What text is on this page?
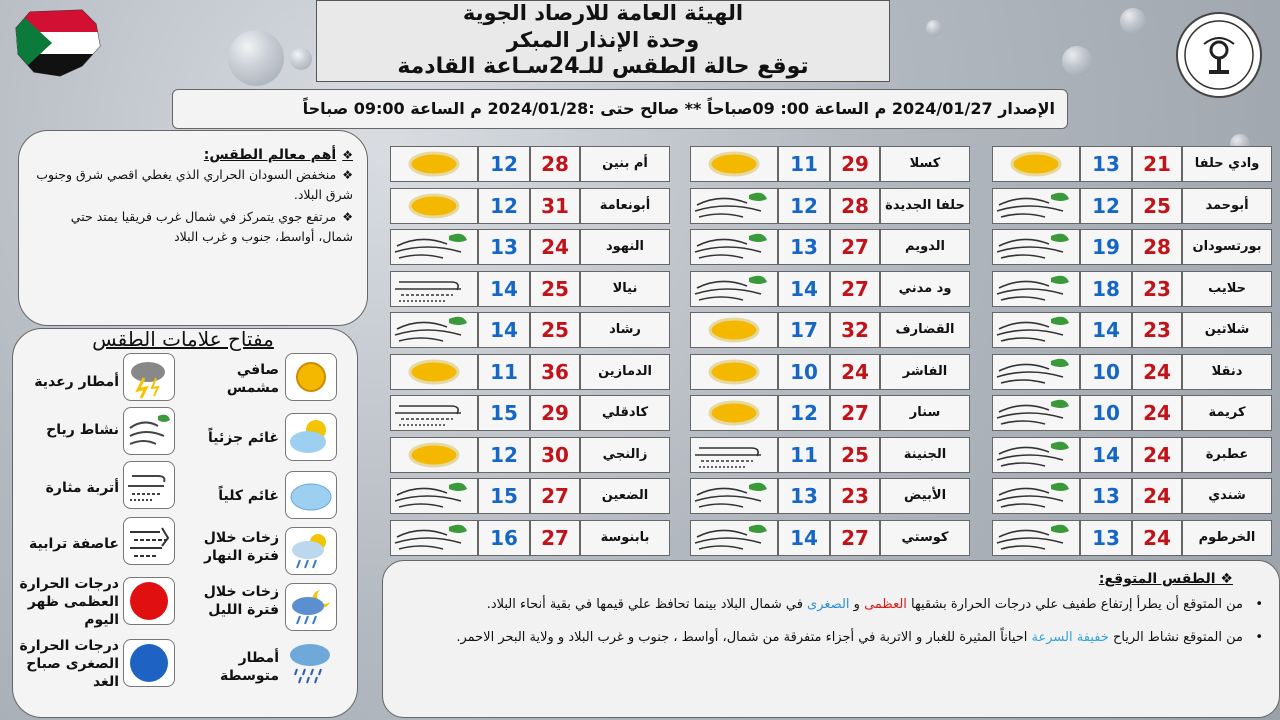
الهيئة العامة للارصاد الجوية
وحدة الإنذار المبكر
توقع حالة الطقس للـ24سـاعة القادمة
الإصدار 2024/01/27 م الساعة 00: 09صباحاً ** صالح حتى :2024/01/28 م الساعة 09:00 صباحاً
❖أهم معالم الطقس:
❖منخفض السودان الحراري الذي يغطي اقصي شرق وجنوب شرق البلاد.
❖مرتفع جوي يتمركز في شمال غرب فريقيا يمتد حتي شمال، أواسط، جنوب و غرب البلاد
مفتاح علامات الطقس
صافي مشمس
أمطار رعدية
غائم جزئياً
نشاط رياح
غائم كلياً
أتربة مثارة
زخات خلال فترة النهار
عاصفة ترابية
زخات خلال فترة الليل
درجات الحرارة العظمى ظهر اليوم
أمطار متوسطة
درجات الحرارة الصغرى صباح الغد
13	21	وادي حلفا
12	25	أبوحمد
19	28	بورتسودان
18	23	حلايب
14	23	شلاتين
10	24	دنقلا
10	24	كريمة
14	24	عطبرة
13	24	شندي
13	24	الخرطوم
11	29	كسلا
12	28	حلفا الجديدة
13	27	الدويم
14	27	ود مدني
17	32	القضارف
10	24	الفاشر
12	27	سنار
11	25	الجنينة
13	23	الأبيض
14	27	كوستي
12	28	أم بنين
12	31	أبونعامة
13	24	النهود
14	25	نيالا
14	25	رشاد
11	36	الدمازين
15	29	كادقلي
12	30	زالنجي
15	27	الضعين
16	27	بابنوسة
❖ الطقس المتوقع:
•
من المتوقع أن يطرأ إرتفاع طفيف علي درجات الحرارة بشقيها العظمى و الصغرى في شمال البلاد بينما تحافظ علي قيمها في بقية أنحاء البلاد.
•
من المتوقع نشاط الرياح خفيفة السرعة احياناً المثيرة للغبار و الاتربة في أجزاء متفرقة من شمال، أواسط ، جنوب و غرب البلاد و ولاية البحر الاحمر.
